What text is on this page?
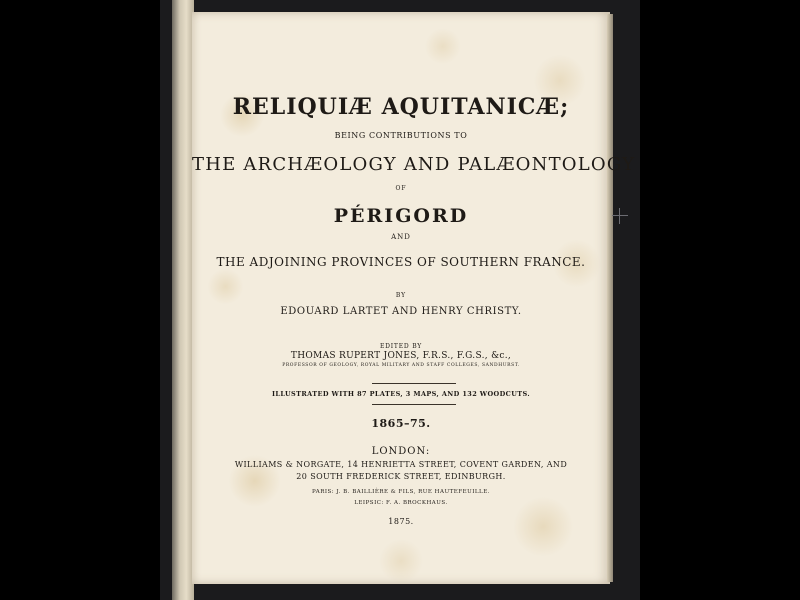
RELIQUIÆ AQUITANICÆ;
BEING CONTRIBUTIONS TO
THE ARCHÆOLOGY AND PALÆONTOLOGY
OF
PÉRIGORD
AND
THE ADJOINING PROVINCES OF SOUTHERN FRANCE.
BY
EDOUARD LARTET AND HENRY CHRISTY.
EDITED BY
THOMAS RUPERT JONES, F.R.S., F.G.S., &c.,
PROFESSOR OF GEOLOGY, ROYAL MILITARY AND STAFF COLLEGES, SANDHURST.
ILLUSTRATED WITH 87 PLATES, 3 MAPS, AND 132 WOODCUTS.
1865–75.
LONDON:
WILLIAMS & NORGATE, 14 HENRIETTA STREET, COVENT GARDEN, AND
20 SOUTH FREDERICK STREET, EDINBURGH.
PARIS: J. B. BAILLIÈRE & FILS, RUE HAUTEFEUILLE.
LEIPSIC: F. A. BROCKHAUS.
1875.
